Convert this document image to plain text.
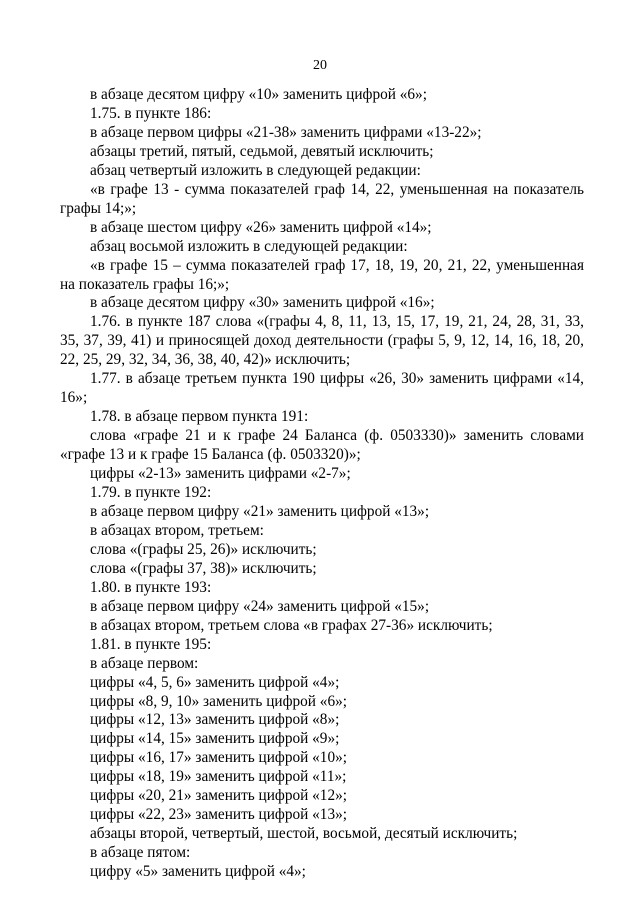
20

в абзаце десятом цифру «10» заменить цифрой «6»;

1.75. в пункте 186:

в абзаце первом цифры «21-38» заменить цифрами «13-22»;

абзацы третий, пятый, седьмой, девятый исключить;

абзац четвертый изложить в следующей редакции:

«в графе 13 - сумма показателей граф 14, 22, уменьшенная на показатель графы 14;»;

в абзаце шестом цифру «26» заменить цифрой «14»;

абзац восьмой изложить в следующей редакции:

«в графе 15 – сумма показателей граф 17, 18, 19, 20, 21, 22, уменьшенная на показатель графы 16;»;

в абзаце десятом цифру «30» заменить цифрой «16»;

1.76. в пункте 187 слова «(графы 4, 8, 11, 13, 15, 17, 19, 21, 24, 28, 31, 33, 35, 37, 39, 41) и приносящей доход деятельности (графы 5, 9, 12, 14, 16, 18, 20, 22, 25, 29, 32, 34, 36, 38, 40, 42)» исключить;

1.77. в абзаце третьем пункта 190 цифры «26, 30» заменить цифрами «14, 16»;

1.78. в абзаце первом пункта 191:

слова «графе 21 и к графе 24 Баланса (ф. 0503330)» заменить словами «графе 13 и к графе 15 Баланса (ф. 0503320)»;

цифры «2-13» заменить цифрами «2-7»;

1.79. в пункте 192:

в абзаце первом цифру «21» заменить цифрой «13»;

в абзацах втором, третьем:

слова «(графы 25, 26)» исключить;

слова «(графы 37, 38)» исключить;

1.80. в пункте 193:

в абзаце первом цифру «24» заменить цифрой «15»;

в абзацах втором, третьем слова «в графах 27-36» исключить;

1.81. в пункте 195:

в абзаце первом:

цифры «4, 5, 6» заменить цифрой «4»;

цифры «8, 9, 10» заменить цифрой «6»;

цифры «12, 13» заменить цифрой «8»;

цифры «14, 15» заменить цифрой «9»;

цифры «16, 17» заменить цифрой «10»;

цифры «18, 19» заменить цифрой «11»;

цифры «20, 21» заменить цифрой «12»;

цифры «22, 23» заменить цифрой «13»;

абзацы второй, четвертый, шестой, восьмой, десятый исключить;

в абзаце пятом:

цифру «5» заменить цифрой «4»;
